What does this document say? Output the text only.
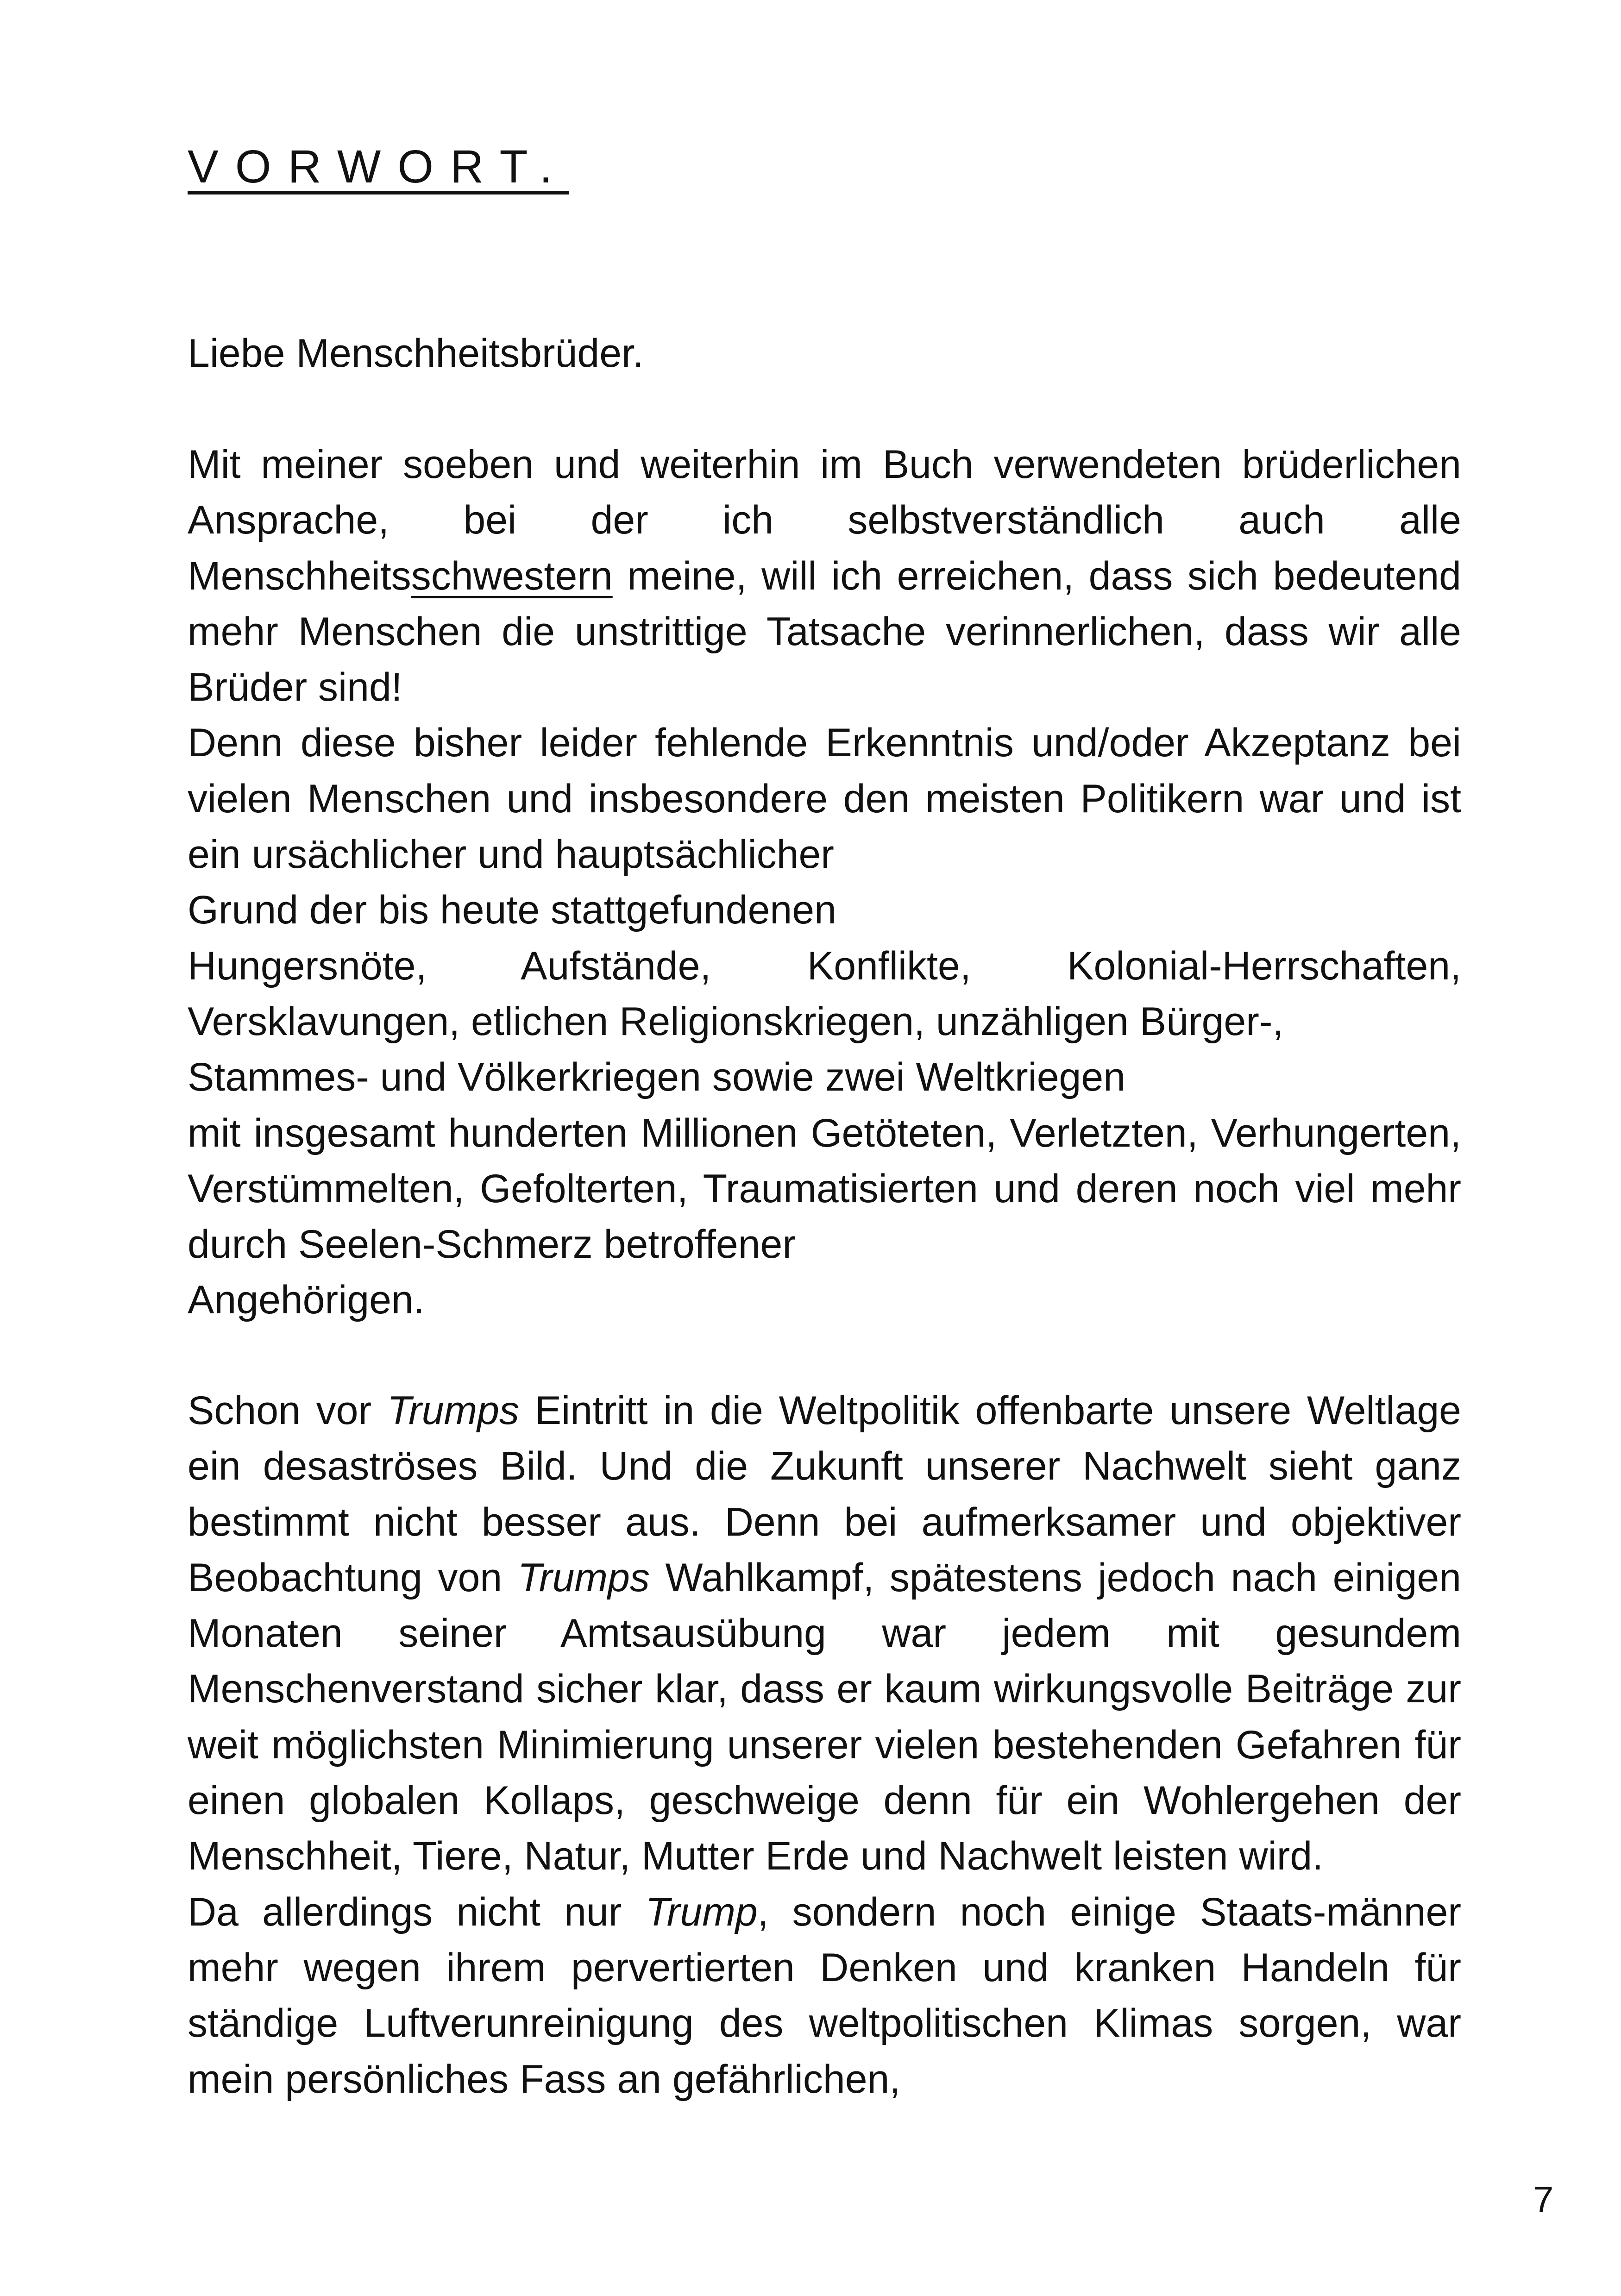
VORWORT.

Liebe Menschheitsbrüder.

Mit meiner soeben und weiterhin im Buch verwendeten brüderlichen Ansprache, bei der ich selbstverständlich auch alle Menschheitsschwestern meine, will ich erreichen, dass sich bedeutend mehr Menschen die unstrittige Tatsache verinnerlichen, dass wir alle Brüder sind!

Denn diese bisher leider fehlende Erkenntnis und/oder Akzeptanz bei vielen Menschen und insbesondere den meisten Politikern war und ist ein ursächlicher und hauptsächlicher

Grund der bis heute stattgefundenen

Hungersnöte, Aufstände, Konflikte, Kolonial-Herrschaften, Versklavungen, etlichen Religionskriegen, unzähligen Bürger-,

Stammes- und Völkerkriegen sowie zwei Weltkriegen

mit insgesamt hunderten Millionen Getöteten, Verletzten, Verhungerten, Verstümmelten, Gefolterten, Traumatisierten und deren noch viel mehr durch Seelen-Schmerz betroffener

Angehörigen.

Schon vor Trumps Eintritt in die Weltpolitik offenbarte unsere Weltlage ein desaströses Bild. Und die Zukunft unserer Nachwelt sieht ganz bestimmt nicht besser aus. Denn bei aufmerksamer und objektiver Beobachtung von Trumps Wahlkampf, spätestens jedoch nach einigen Monaten seiner Amtsausübung war jedem mit gesundem Menschenverstand sicher klar, dass er kaum wirkungsvolle Beiträge zur weit möglichsten Minimierung unserer vielen bestehenden Gefahren für einen globalen Kollaps, geschweige denn für ein Wohlergehen der Menschheit, Tiere, Natur, Mutter Erde und Nachwelt leisten wird.

Da allerdings nicht nur Trump, sondern noch einige Staats-männer mehr wegen ihrem pervertierten Denken und kranken Handeln für ständige Luftverunreinigung des weltpolitischen Klimas sorgen, war mein persönliches Fass an gefährlichen,

7
